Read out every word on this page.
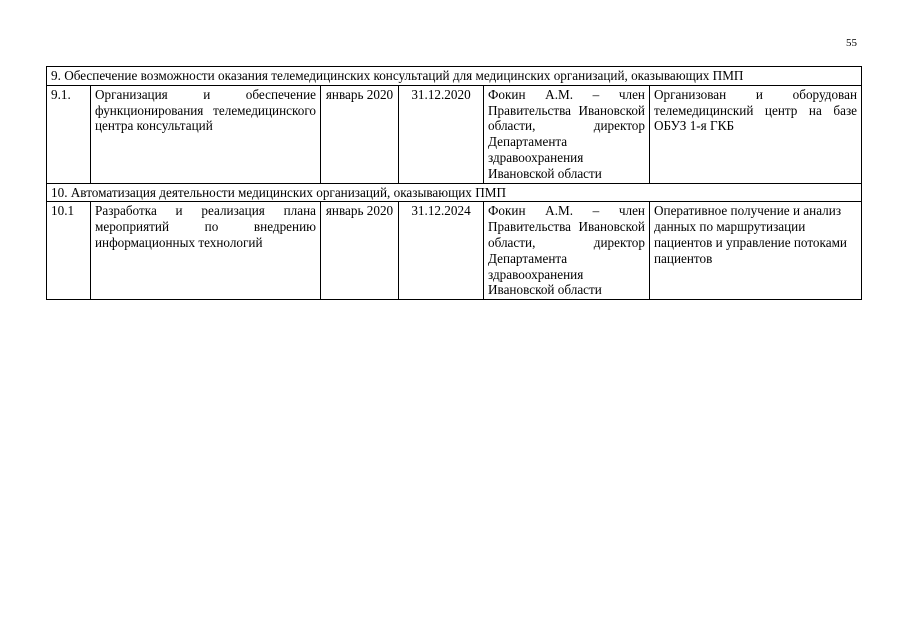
55
9. Обеспечение возможности оказания телемедицинских консультаций для медицинских организаций, оказывающих ПМП					
9.1.	Организация и обеспечение функционирования телемедицинского центра консультаций	январь 2020	31.12.2020	Фокин А.М. – член Правительства Ивановской области, директор Департамента здравоохранения Ивановской области	Организован и оборудован телемедицинский центр на базе ОБУЗ 1-я ГКБ
10. Автоматизация деятельности медицинских организаций, оказывающих ПМП					
10.1	Разработка и реализация плана мероприятий по внедрению информационных технологий	январь 2020	31.12.2024	Фокин А.М. – член Правительства Ивановской области, директор Департамента здравоохранения Ивановской области	Оперативное получение и анализ данных по маршрутизации пациентов и управление потоками пациентов
